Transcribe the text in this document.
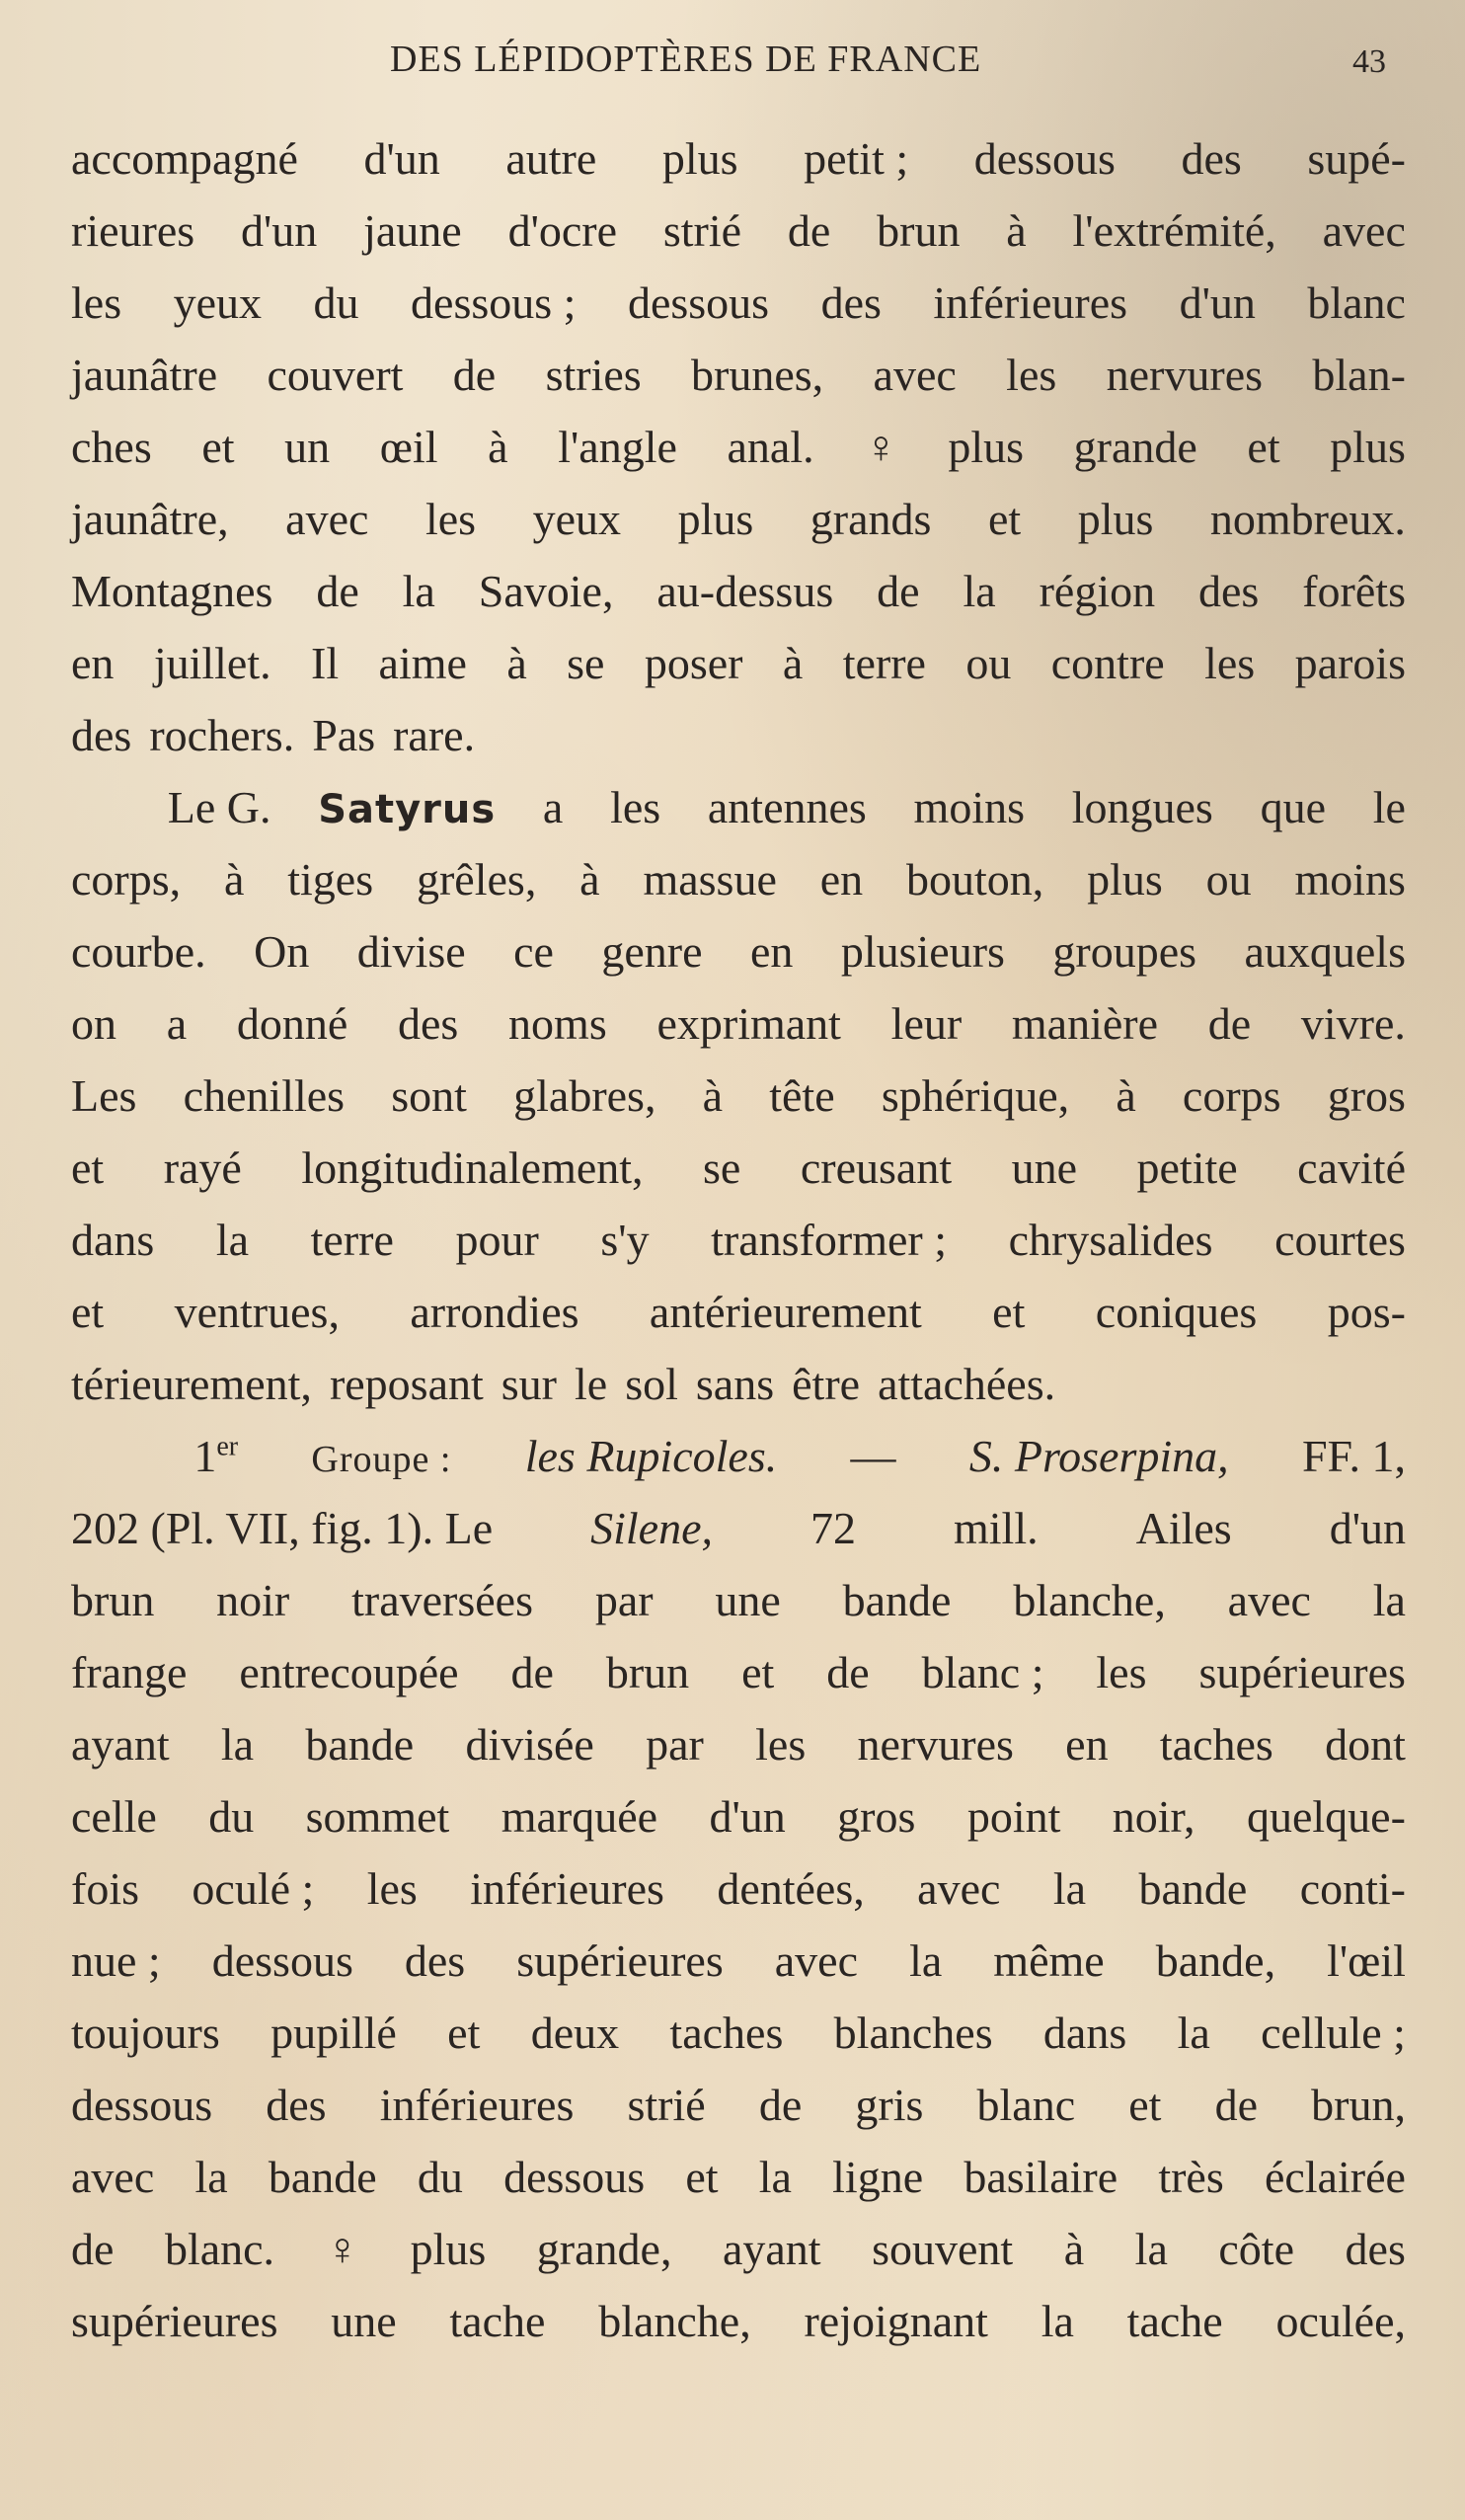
DES LÉPIDOPTÈRES DE FRANCE	43
accompagné d'un autre plus petit ; dessous des supé-
rieures d'un jaune d'ocre strié de brun à l'extrémité, avec
les yeux du dessous ; dessous des inférieures d'un blanc
jaunâtre couvert de stries brunes, avec les nervures blan-
ches et un œil à l'angle anal. ♀ plus grande et plus
jaunâtre, avec les yeux plus grands et plus nombreux.
Montagnes de la Savoie, au-dessus de la région des forêts
en juillet. Il aime à se poser à terre ou contre les parois
des rochers. Pas rare.
Le G. Satyrus a les antennes moins longues que le
corps, à tiges grêles, à massue en bouton, plus ou moins
courbe. On divise ce genre en plusieurs groupes auxquels
on a donné des noms exprimant leur manière de vivre.
Les chenilles sont glabres, à tête sphérique, à corps gros
et rayé longitudinalement, se creusant une petite cavité
dans la terre pour s'y transformer ; chrysalides courtes
et ventrues, arrondies antérieurement et coniques pos-
térieurement, reposant sur le sol sans être attachées.
1er Groupe : les Rupicoles. — S. Proserpina, FF. 1,
202 (Pl. VII, fig. 1). Le Silene, 72 mill. Ailes d'un
brun noir traversées par une bande blanche, avec la
frange entrecoupée de brun et de blanc ; les supérieures
ayant la bande divisée par les nervures en taches dont
celle du sommet marquée d'un gros point noir, quelque-
fois oculé ; les inférieures dentées, avec la bande conti-
nue ; dessous des supérieures avec la même bande, l'œil
toujours pupillé et deux taches blanches dans la cellule ;
dessous des inférieures strié de gris blanc et de brun,
avec la bande du dessous et la ligne basilaire très éclairée
de blanc. ♀ plus grande, ayant souvent à la côte des
supérieures une tache blanche, rejoignant la tache oculée,
